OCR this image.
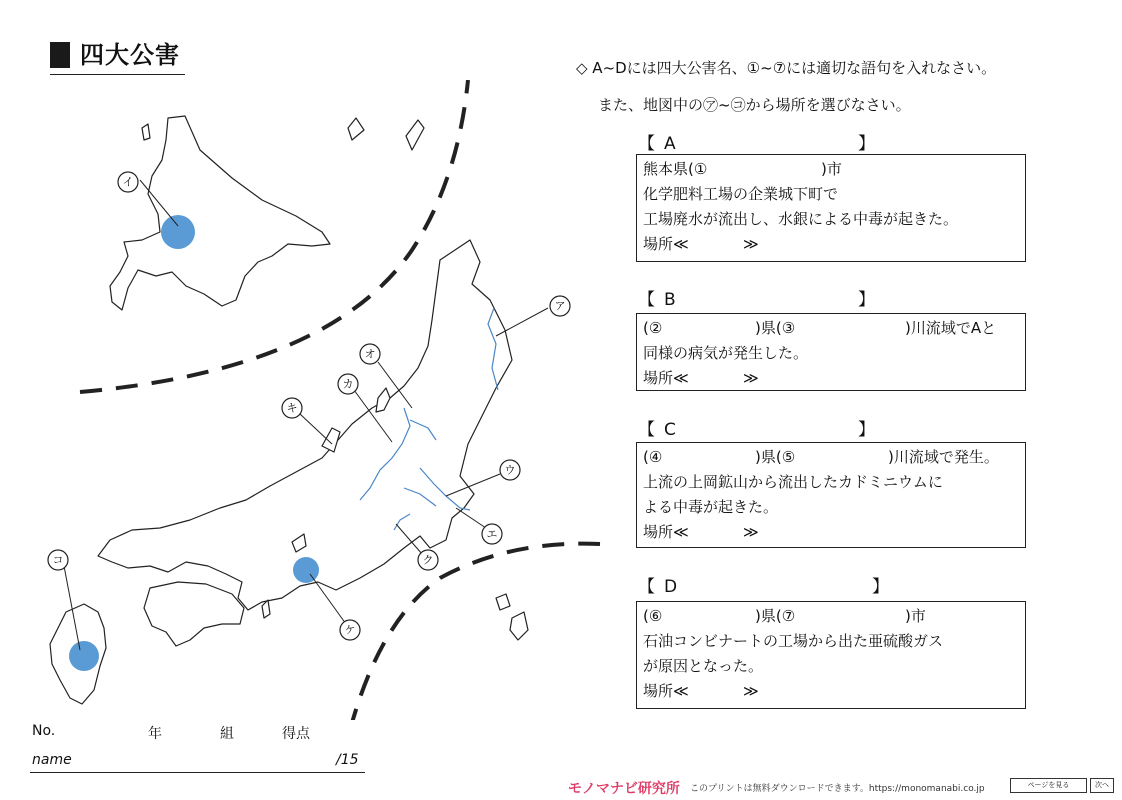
四大公害	◇ A~Dには四大公害名、①~⑦には適切な語句を入れなさい。
また、地図中の㋐~㋙から場所を選びなさい。
【 A	】
熊本県(①	)市
化学肥料工場の企業城下町で
工場廃水が流出し、水銀による中毒が起きた。
場所≪	≫
【 B	】
(②	)県(③	)川流域でAと
同様の病気が発生した。
場所≪	≫
【 C	】
(④	)県(⑤	)川流域で発生。
上流の上岡鉱山から流出したカドミニウムに
よる中毒が起きた。
場所≪	≫
【 D	】
(⑥	)県(⑦	)市
石油コンビナートの工場から出た亜硫酸ガス
が原因となった。
場所≪	≫
ア
イ
ウ
エ
オ
カ
キ
ク
ケ
コ
No.	年	組	得点
name	/15
モノマナビ研究所 このプリントは無料ダウンロードできます。https://monomanabi.co.jp	ページを見る	次へ
